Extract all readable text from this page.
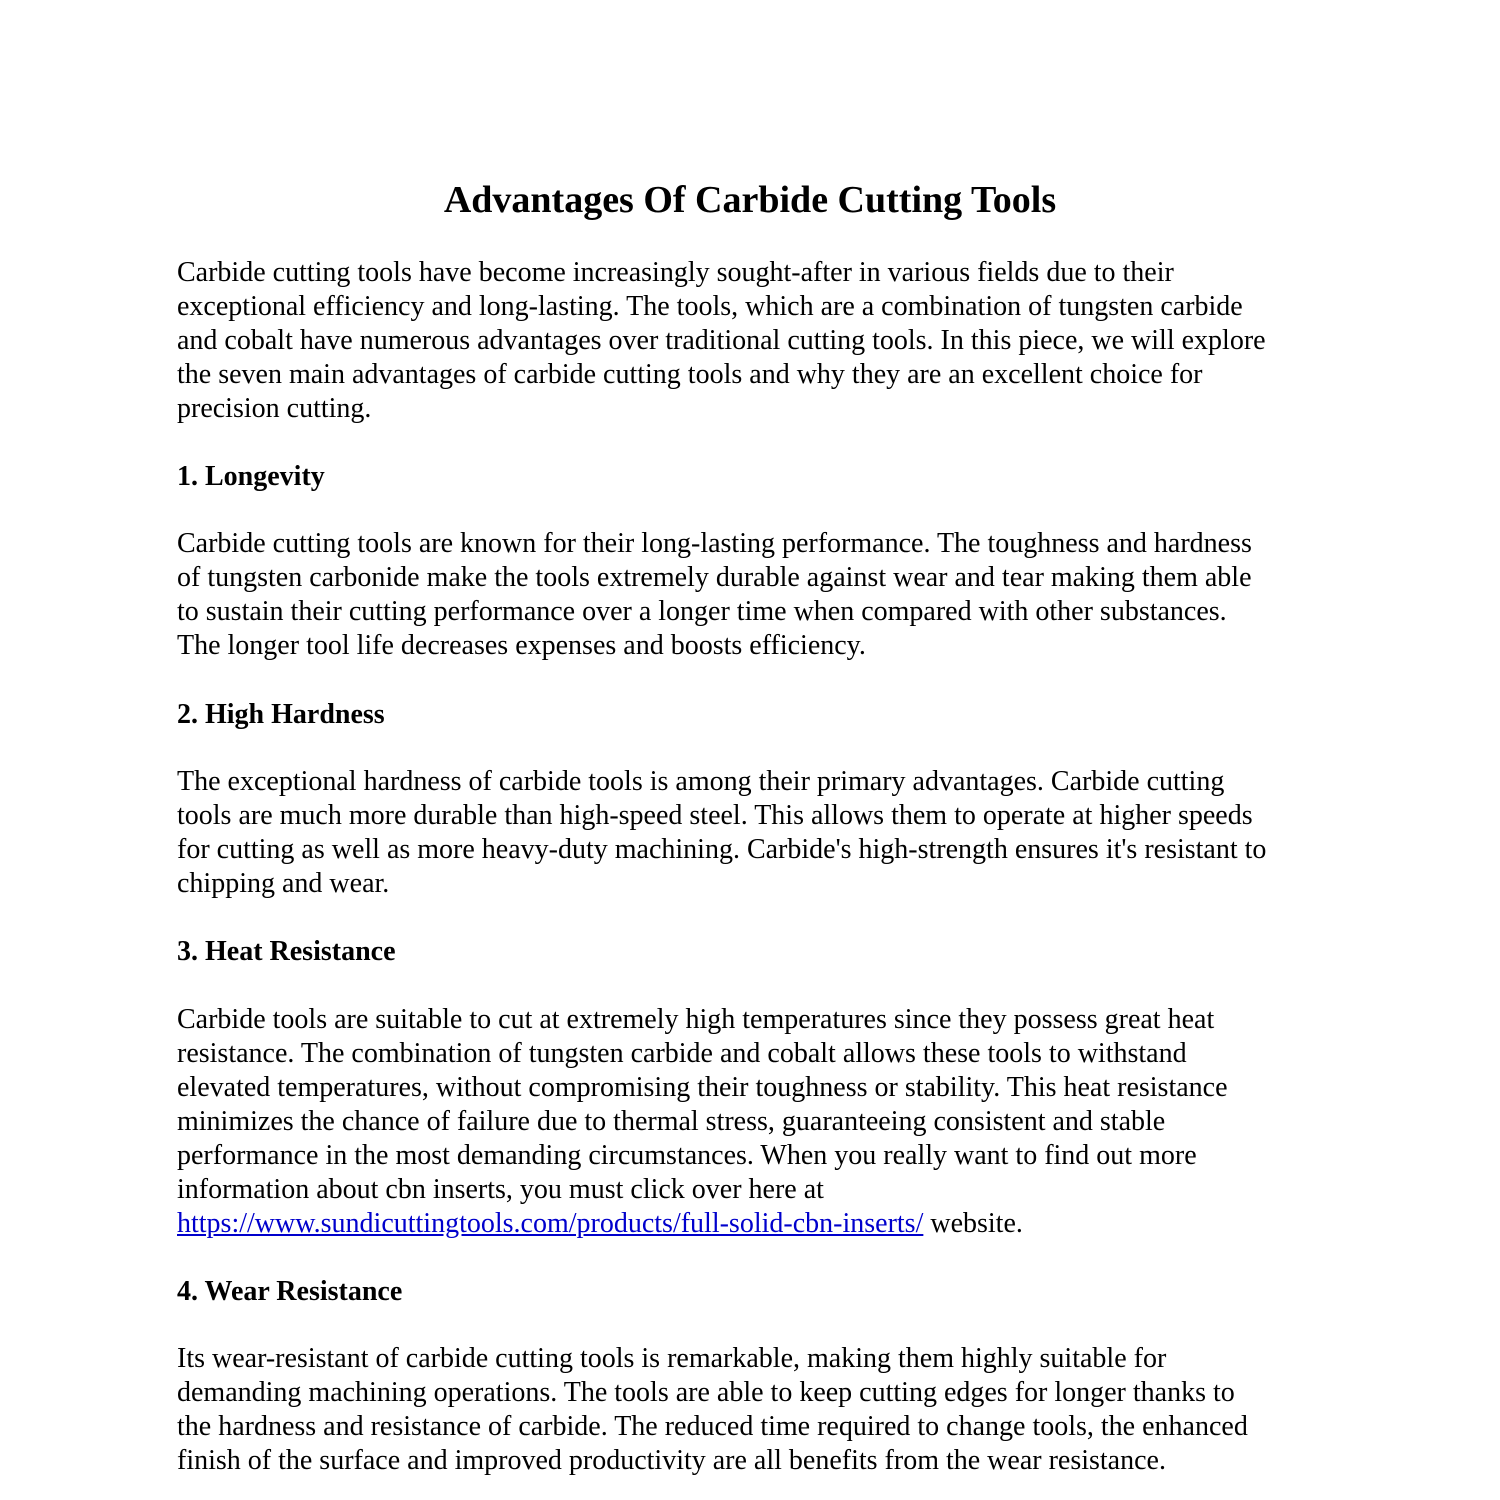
Advantages Of Carbide Cutting Tools
Carbide cutting tools have become increasingly sought-after in various fields due to their
exceptional efficiency and long-lasting. The tools, which are a combination of tungsten carbide
and cobalt have numerous advantages over traditional cutting tools. In this piece, we will explore
the seven main advantages of carbide cutting tools and why they are an excellent choice for
precision cutting.
1. Longevity
Carbide cutting tools are known for their long-lasting performance. The toughness and hardness
of tungsten carbonide make the tools extremely durable against wear and tear making them able
to sustain their cutting performance over a longer time when compared with other substances.
The longer tool life decreases expenses and boosts efficiency.
2. High Hardness
The exceptional hardness of carbide tools is among their primary advantages. Carbide cutting
tools are much more durable than high-speed steel. This allows them to operate at higher speeds
for cutting as well as more heavy-duty machining. Carbide's high-strength ensures it's resistant to
chipping and wear.
3. Heat Resistance
Carbide tools are suitable to cut at extremely high temperatures since they possess great heat
resistance. The combination of tungsten carbide and cobalt allows these tools to withstand
elevated temperatures, without compromising their toughness or stability. This heat resistance
minimizes the chance of failure due to thermal stress, guaranteeing consistent and stable
performance in the most demanding circumstances. When you really want to find out more
information about cbn inserts, you must click over here at
https://www.sundicuttingtools.com/products/full-solid-cbn-inserts/ website.
4. Wear Resistance
Its wear-resistant of carbide cutting tools is remarkable, making them highly suitable for
demanding machining operations. The tools are able to keep cutting edges for longer thanks to
the hardness and resistance of carbide. The reduced time required to change tools, the enhanced
finish of the surface and improved productivity are all benefits from the wear resistance.
